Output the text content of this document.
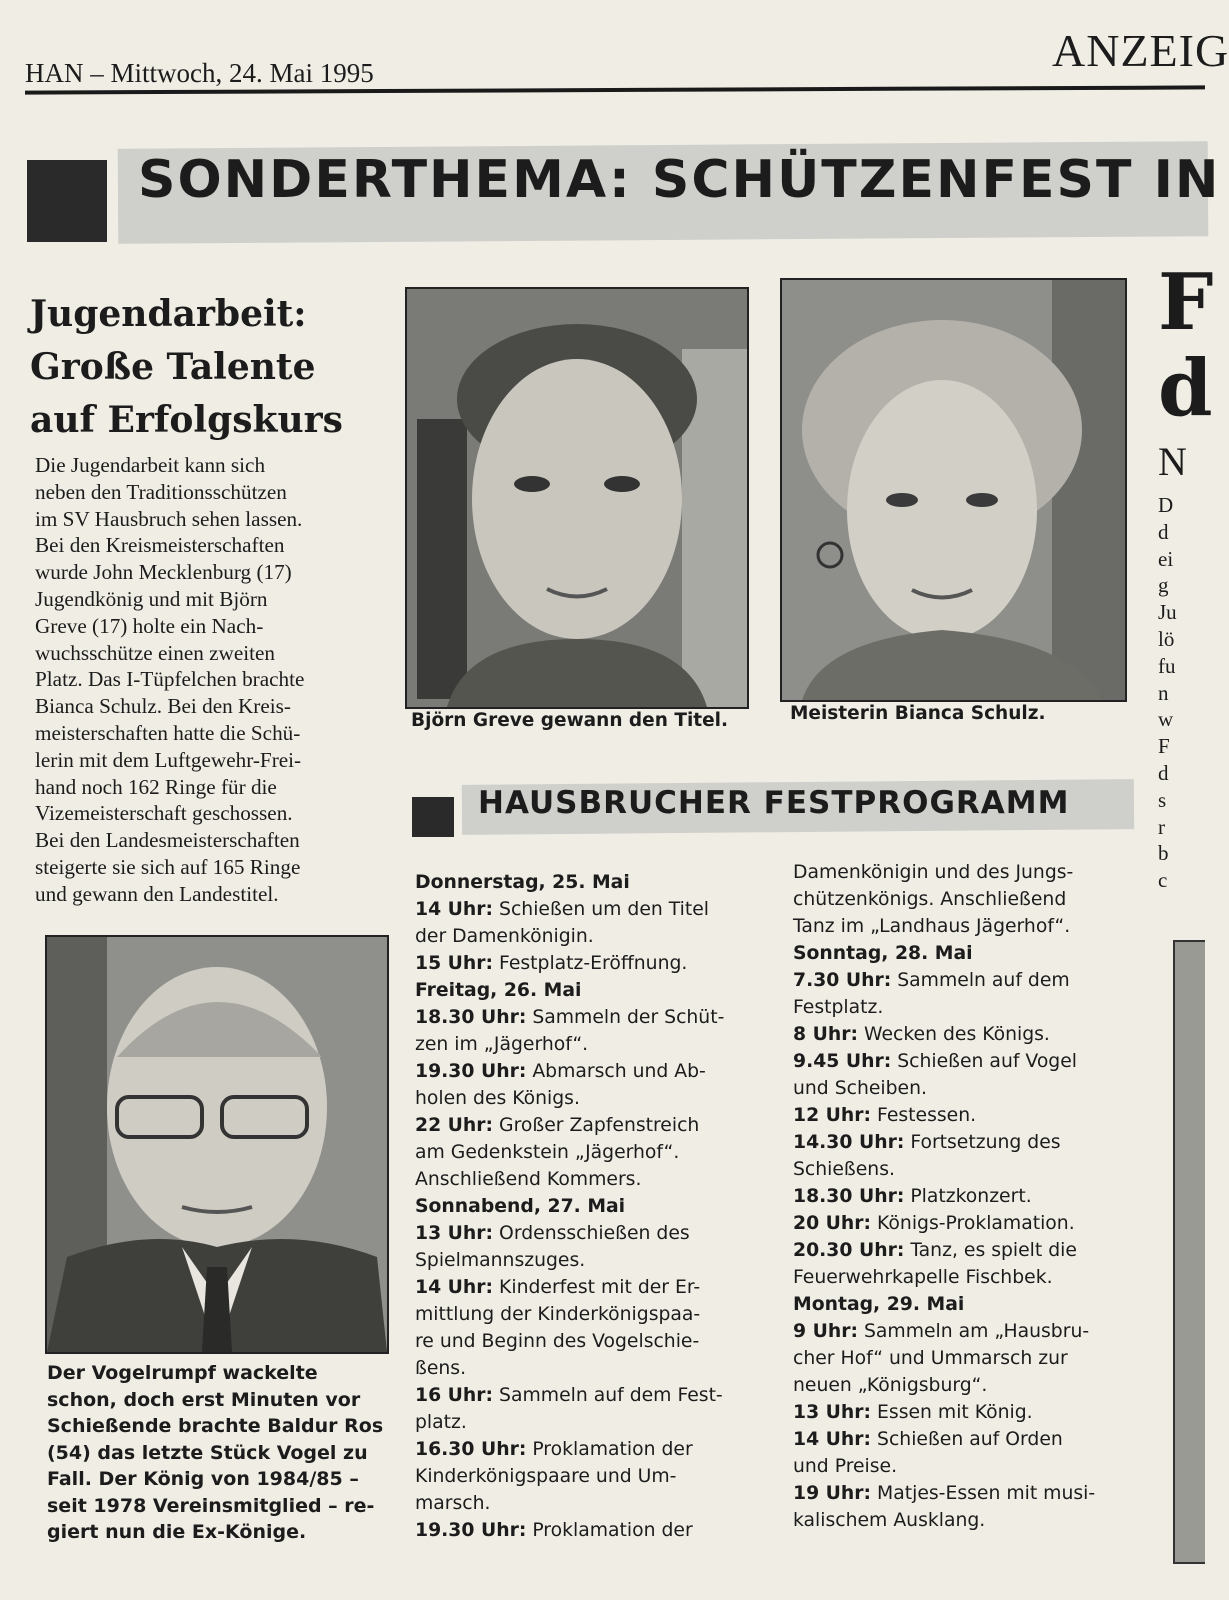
HAN – Mittwoch, 24. Mai 1995	ANZEIG
SONDERTHEMA: SCHÜTZENFEST IN
Jugendarbeit:
Große Talente
auf Erfolgskurs
Die Jugendarbeit kann sich
neben den Traditionsschützen
im SV Hausbruch sehen lassen.
Bei den Kreismeisterschaften
wurde John Mecklenburg (17)
Jugendkönig und mit Björn
Greve (17) holte ein Nach-
wuchsschütze einen zweiten
Platz. Das I-Tüpfelchen brachte
Bianca Schulz. Bei den Kreis-
meisterschaften hatte die Schü-
lerin mit dem Luftgewehr-Frei-
hand noch 162 Ringe für die
Vizemeisterschaft geschossen.
Bei den Landesmeisterschaften
steigerte sie sich auf 165 Ringe
und gewann den Landestitel.
Björn Greve gewann den Titel.	Meisterin Bianca Schulz.
Der Vogelrumpf wackelte
schon, doch erst Minuten vor
Schießende brachte Baldur Ros
(54) das letzte Stück Vogel zu
Fall. Der König von 1984/85 –
seit 1978 Vereinsmitglied – re-
giert nun die Ex-Könige.
HAUSBRUCHER FESTPROGRAMM
Donnerstag, 25. Mai
14 Uhr: Schießen um den Titel
der Damenkönigin.
15 Uhr: Festplatz-Eröffnung.
Freitag, 26. Mai
18.30 Uhr: Sammeln der Schüt-
zen im „Jägerhof“.
19.30 Uhr: Abmarsch und Ab-
holen des Königs.
22 Uhr: Großer Zapfenstreich
am Gedenkstein „Jägerhof“.
Anschließend Kommers.
Sonnabend, 27. Mai
13 Uhr: Ordensschießen des
Spielmannszuges.
14 Uhr: Kinderfest mit der Er-
mittlung der Kinderkönigspaa-
re und Beginn des Vogelschie-
ßens.
16 Uhr: Sammeln auf dem Fest-
platz.
16.30 Uhr: Proklamation der
Kinderkönigspaare und Um-
marsch.
19.30 Uhr: Proklamation der
Damenkönigin und des Jungs-
chützenkönigs. Anschließend
Tanz im „Landhaus Jägerhof“.
Sonntag, 28. Mai
7.30 Uhr: Sammeln auf dem
Festplatz.
8 Uhr: Wecken des Königs.
9.45 Uhr: Schießen auf Vogel
und Scheiben.
12 Uhr: Festessen.
14.30 Uhr: Fortsetzung des
Schießens.
18.30 Uhr: Platzkonzert.
20 Uhr: Königs-Proklamation.
20.30 Uhr: Tanz, es spielt die
Feuerwehrkapelle Fischbek.
Montag, 29. Mai
9 Uhr: Sammeln am „Hausbru-
cher Hof“ und Ummarsch zur
neuen „Königsburg“.
13 Uhr: Essen mit König.
14 Uhr: Schießen auf Orden
und Preise.
19 Uhr: Matjes-Essen mit musi-
kalischem Ausklang.
F
d
N
D
d
ei
g
Ju
lö
fu
n
w
F
d
s
r
b
c
